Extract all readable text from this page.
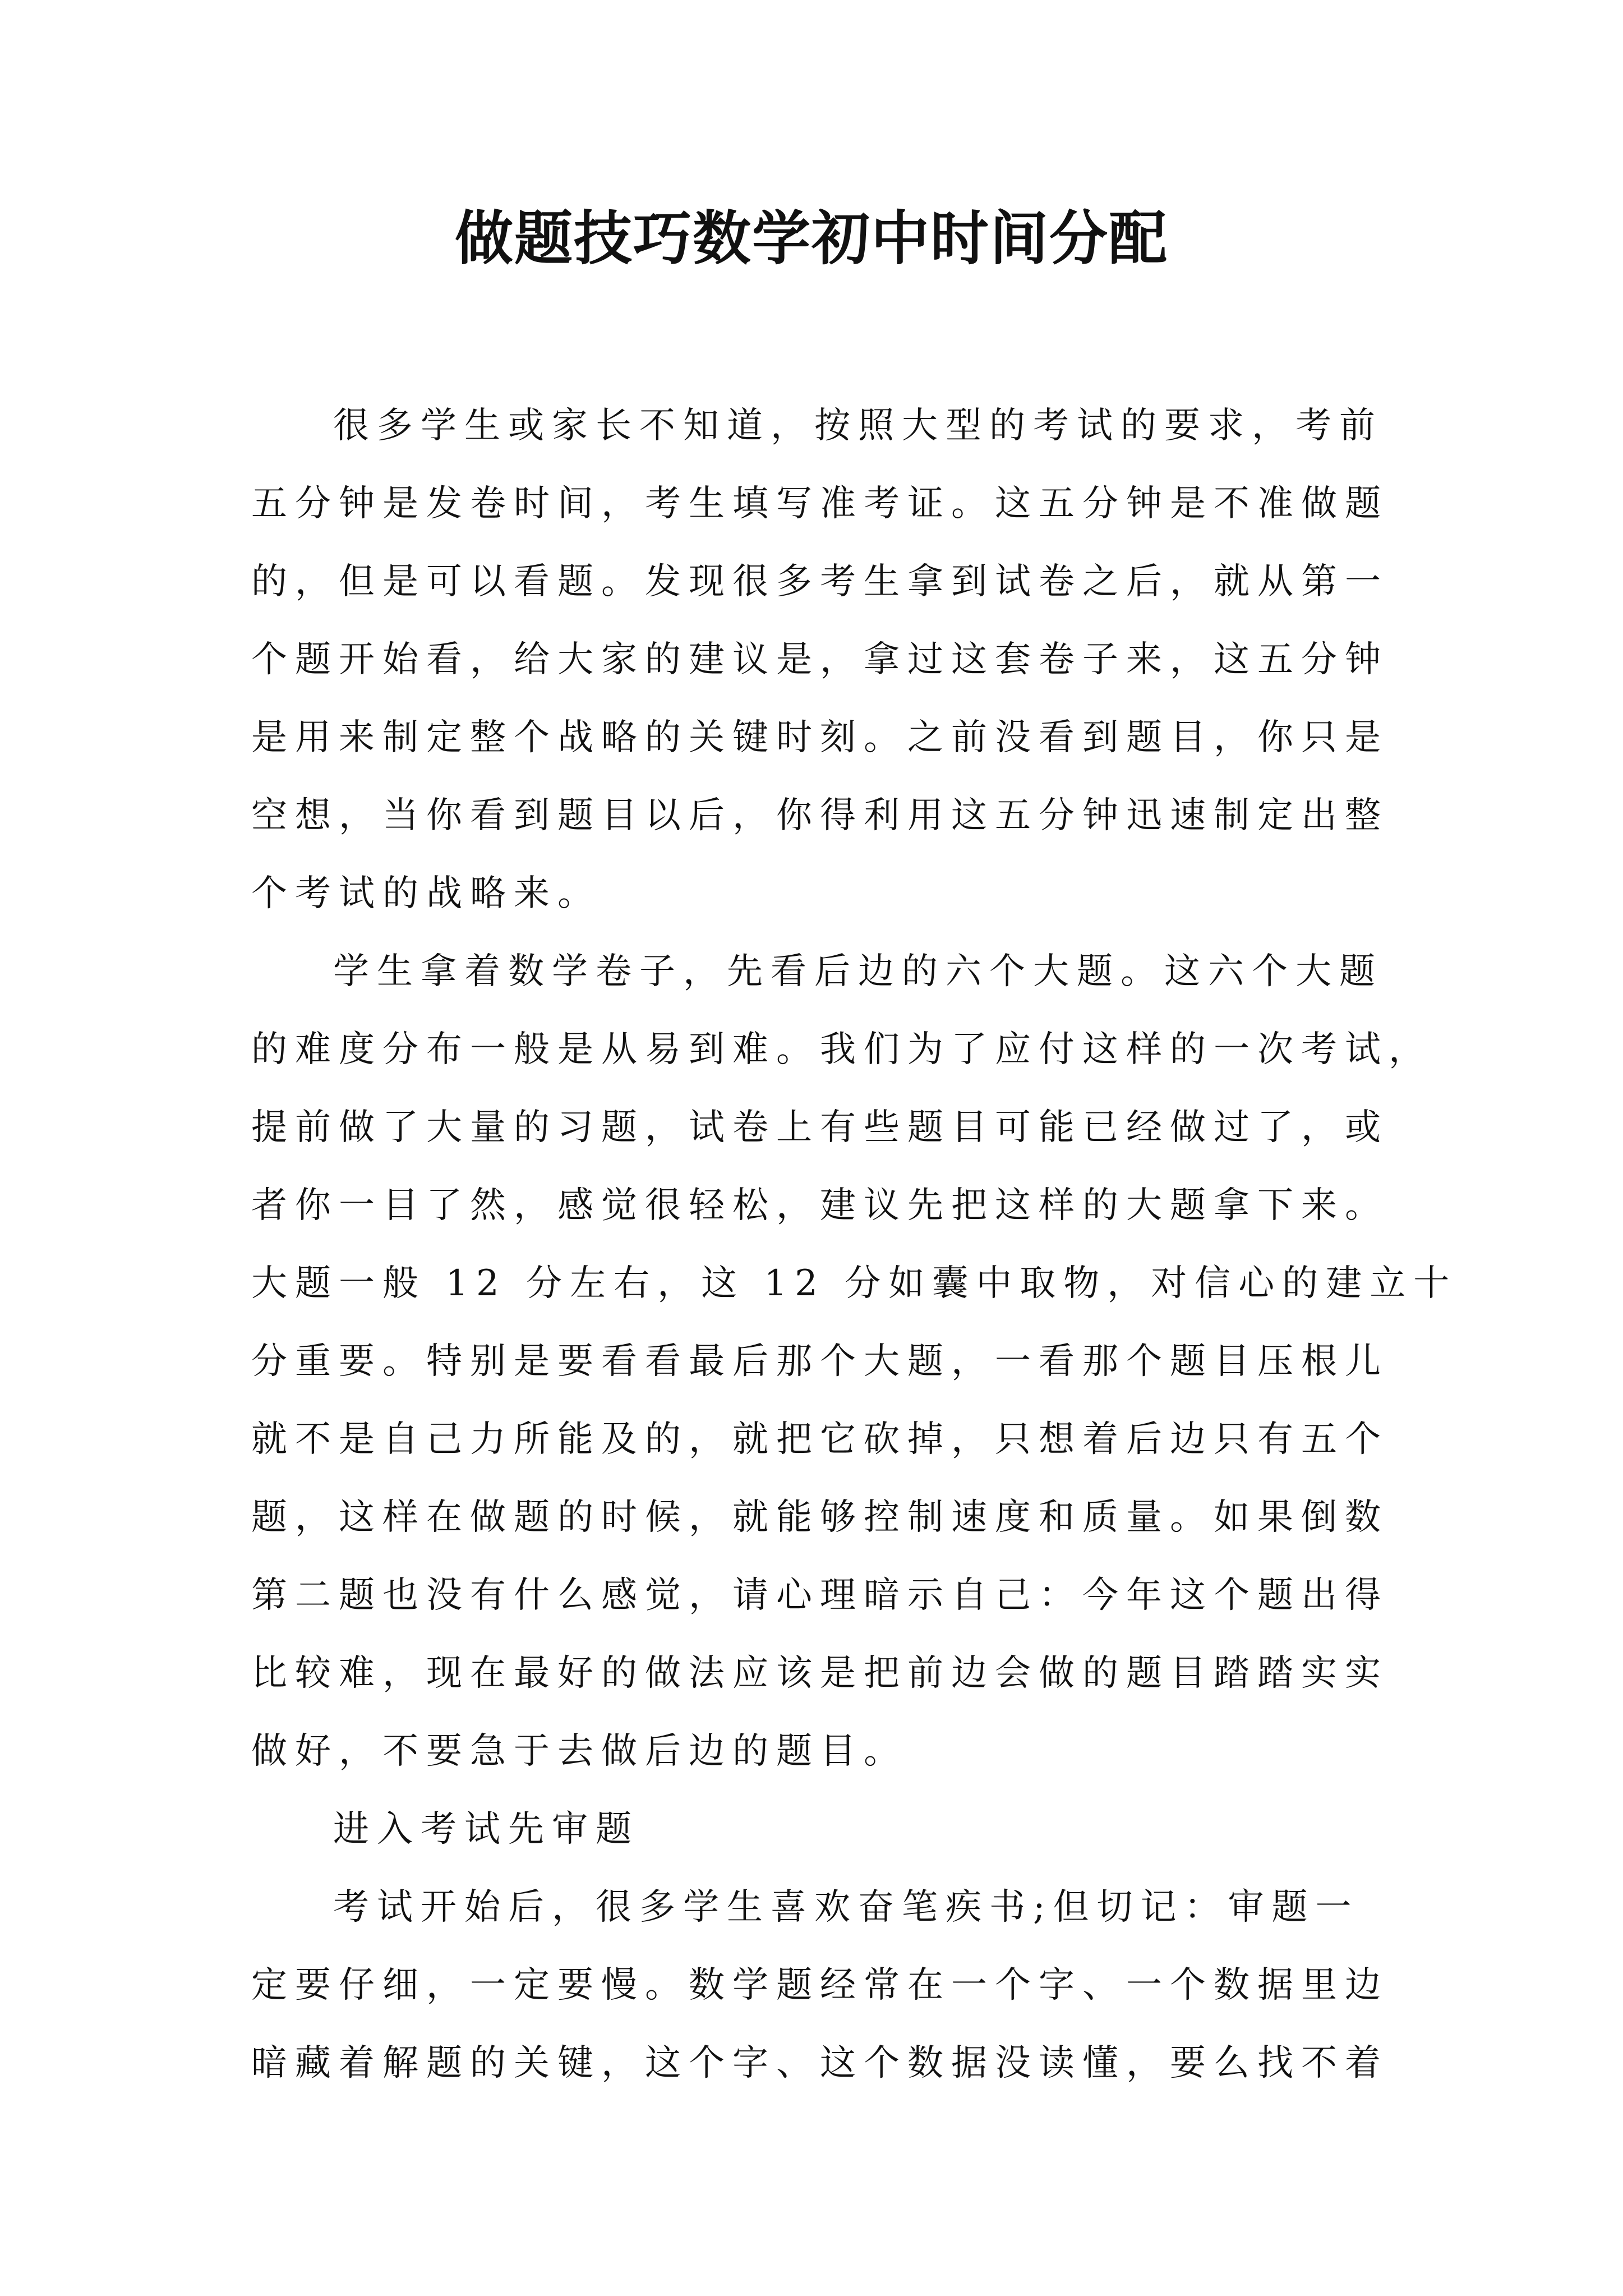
做题技巧数学初中时间分配
很多学生或家长不知道，按照大型的考试的要求，考前
五分钟是发卷时间，考生填写准考证。这五分钟是不准做题
的，但是可以看题。发现很多考生拿到试卷之后，就从第一
个题开始看，给大家的建议是，拿过这套卷子来，这五分钟
是用来制定整个战略的关键时刻。之前没看到题目，你只是
空想，当你看到题目以后，你得利用这五分钟迅速制定出整
个考试的战略来。
学生拿着数学卷子，先看后边的六个大题。这六个大题
的难度分布一般是从易到难。我们为了应付这样的一次考试，
提前做了大量的习题，试卷上有些题目可能已经做过了，或
者你一目了然，感觉很轻松，建议先把这样的大题拿下来。
大题一般 12 分左右，这 12 分如囊中取物，对信心的建立十
分重要。特别是要看看最后那个大题，一看那个题目压根儿
就不是自己力所能及的，就把它砍掉，只想着后边只有五个
题，这样在做题的时候，就能够控制速度和质量。如果倒数
第二题也没有什么感觉，请心理暗示自己：今年这个题出得
比较难，现在最好的做法应该是把前边会做的题目踏踏实实
做好，不要急于去做后边的题目。
进入考试先审题
考试开始后，很多学生喜欢奋笔疾书;但切记：审题一
定要仔细，一定要慢。数学题经常在一个字、一个数据里边
暗藏着解题的关键，这个字、这个数据没读懂，要么找不着
